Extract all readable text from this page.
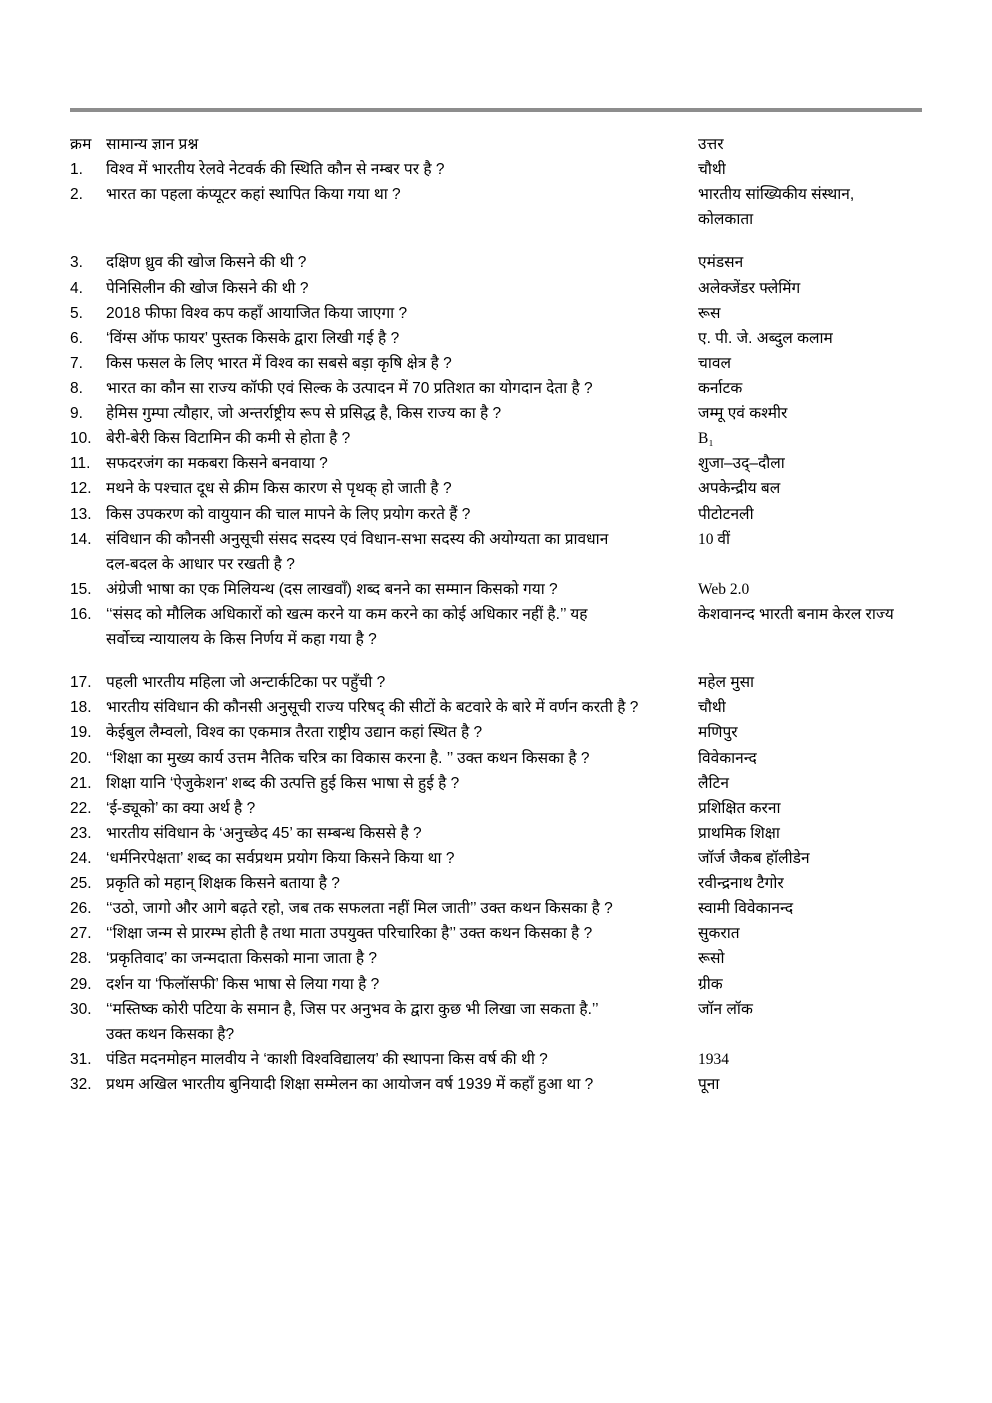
क्रम	सामान्य ज्ञान प्रश्न	उत्तर
1.	विश्व में भारतीय रेलवे नेटवर्क की स्थिति कौन से नम्बर पर है ?	चौथी
2.	भारत का पहला कंप्यूटर कहां स्थापित किया गया था ?	भारतीय सांख्यिकीय संस्थान,
कोलकाता

3.	दक्षिण ध्रुव की खोज किसने की थी ?	एमंडसन
4.	पेनिसिलीन की खोज किसने की थी ?	अलेक्जेंडर फ्लेमिंग
5.	2018 फीफा विश्व कप कहाँ आयाजित किया जाएगा ?	रूस
6.	‘विंग्स ऑफ फायर’ पुस्तक किसके द्वारा लिखी गई है ?	ए. पी. जे. अब्दुल कलाम
7.	किस फसल के लिए भारत में विश्व का सबसे बड़ा कृषि क्षेत्र है ?	चावल
8.	भारत का कौन सा राज्य कॉफी एवं सिल्क के उत्पादन में 70 प्रतिशत का योगदान देता है ?	कर्नाटक
9.	हेमिस गुम्पा त्यौहार, जो अन्तर्राष्ट्रीय रूप से प्रसिद्ध है, किस राज्य का है ?	जम्मू एवं कश्मीर
10.	बेरी-बेरी किस विटामिन की कमी से होता है ?	B₁
11.	सफदरजंग का मकबरा किसने बनवाया ?	शुजा–उद्–दौला
12.	मथने के पश्चात दूध से क्रीम किस कारण से पृथक् हो जाती है ?	अपकेन्द्रीय बल
13.	किस उपकरण को वायुयान की चाल मापने के लिए प्रयोग करते हैं ?	पीटोटनली
14.	संविधान की कौनसी अनुसूची संसद सदस्य एवं विधान-सभा सदस्य की अयोग्यता का प्रावधान
दल-बदल के आधार पर रखती है ?	10 वीं

15.	अंग्रेजी भाषा का एक मिलियन्थ (दस लाखवाँ) शब्द बनने का सम्मान किसको गया ?	Web 2.0
16.	‘‘संसद को मौलिक अधिकारों को खत्म करने या कम करने का कोई अधिकार नहीं है.’’ यह
सर्वोच्च न्यायालय के किस निर्णय में कहा गया है ?	केशवानन्द भारती बनाम केरल राज्य

17.	पहली भारतीय महिला जो अन्टार्कटिका पर पहुँची ?	महेल मुसा
18.	भारतीय संविधान की कौनसी अनुसूची राज्य परिषद् की सीटों के बटवारे के बारे में वर्णन करती है ?	चौथी
19.	केईबुल लैम्वलो, विश्व का एकमात्र तैरता राष्ट्रीय उद्यान कहां स्थित है ?	मणिपुर
20.	‘‘शिक्षा का मुख्य कार्य उत्तम नैतिक चरित्र का विकास करना है. ’’ उक्त कथन किसका है ?	विवेकानन्द
21.	शिक्षा यानि ‘ऐजुकेशन’ शब्द की उत्पत्ति हुई किस भाषा से हुई है ?	लैटिन
22.	‘ई-ड्यूको’ का क्या अर्थ है ?	प्रशिक्षित करना
23.	भारतीय संविधान के ‘अनुच्छेद 45’ का सम्बन्ध किससे है ?	प्राथमिक शिक्षा
24.	‘धर्मनिरपेक्षता’ शब्द का सर्वप्रथम प्रयोग किया किसने किया था ?	जॉर्ज जैकब हॉलीडेन
25.	प्रकृति को महान् शिक्षक किसने बताया है ?	रवीन्द्रनाथ टैगोर
26.	‘‘उठो, जागो और आगे बढ़ते रहो, जब तक सफलता नहीं मिल जाती’’ उक्त कथन किसका है ?	स्वामी विवेकानन्द
27.	‘‘शिक्षा जन्म से प्रारम्भ होती है तथा माता उपयुक्त परिचारिका है’’ उक्त कथन किसका है ?	सुकरात
28.	‘प्रकृतिवाद’ का जन्मदाता किसको माना जाता है ?	रूसो
29.	दर्शन या ‘फिलॉसफी’ किस भाषा से लिया गया है ?	ग्रीक
30.	‘‘मस्तिष्क कोरी पटिया के समान है, जिस पर अनुभव के द्वारा कुछ भी लिखा जा सकता है.’’
उक्त कथन किसका है?	जॉन लॉक

31.	पंडित मदनमोहन मालवीय ने ‘काशी विश्वविद्यालय’ की स्थापना किस वर्ष की थी ?	1934
32.	प्रथम अखिल भारतीय बुनियादी शिक्षा सम्मेलन का आयोजन वर्ष 1939 में कहाँ हुआ था ?	पूना
